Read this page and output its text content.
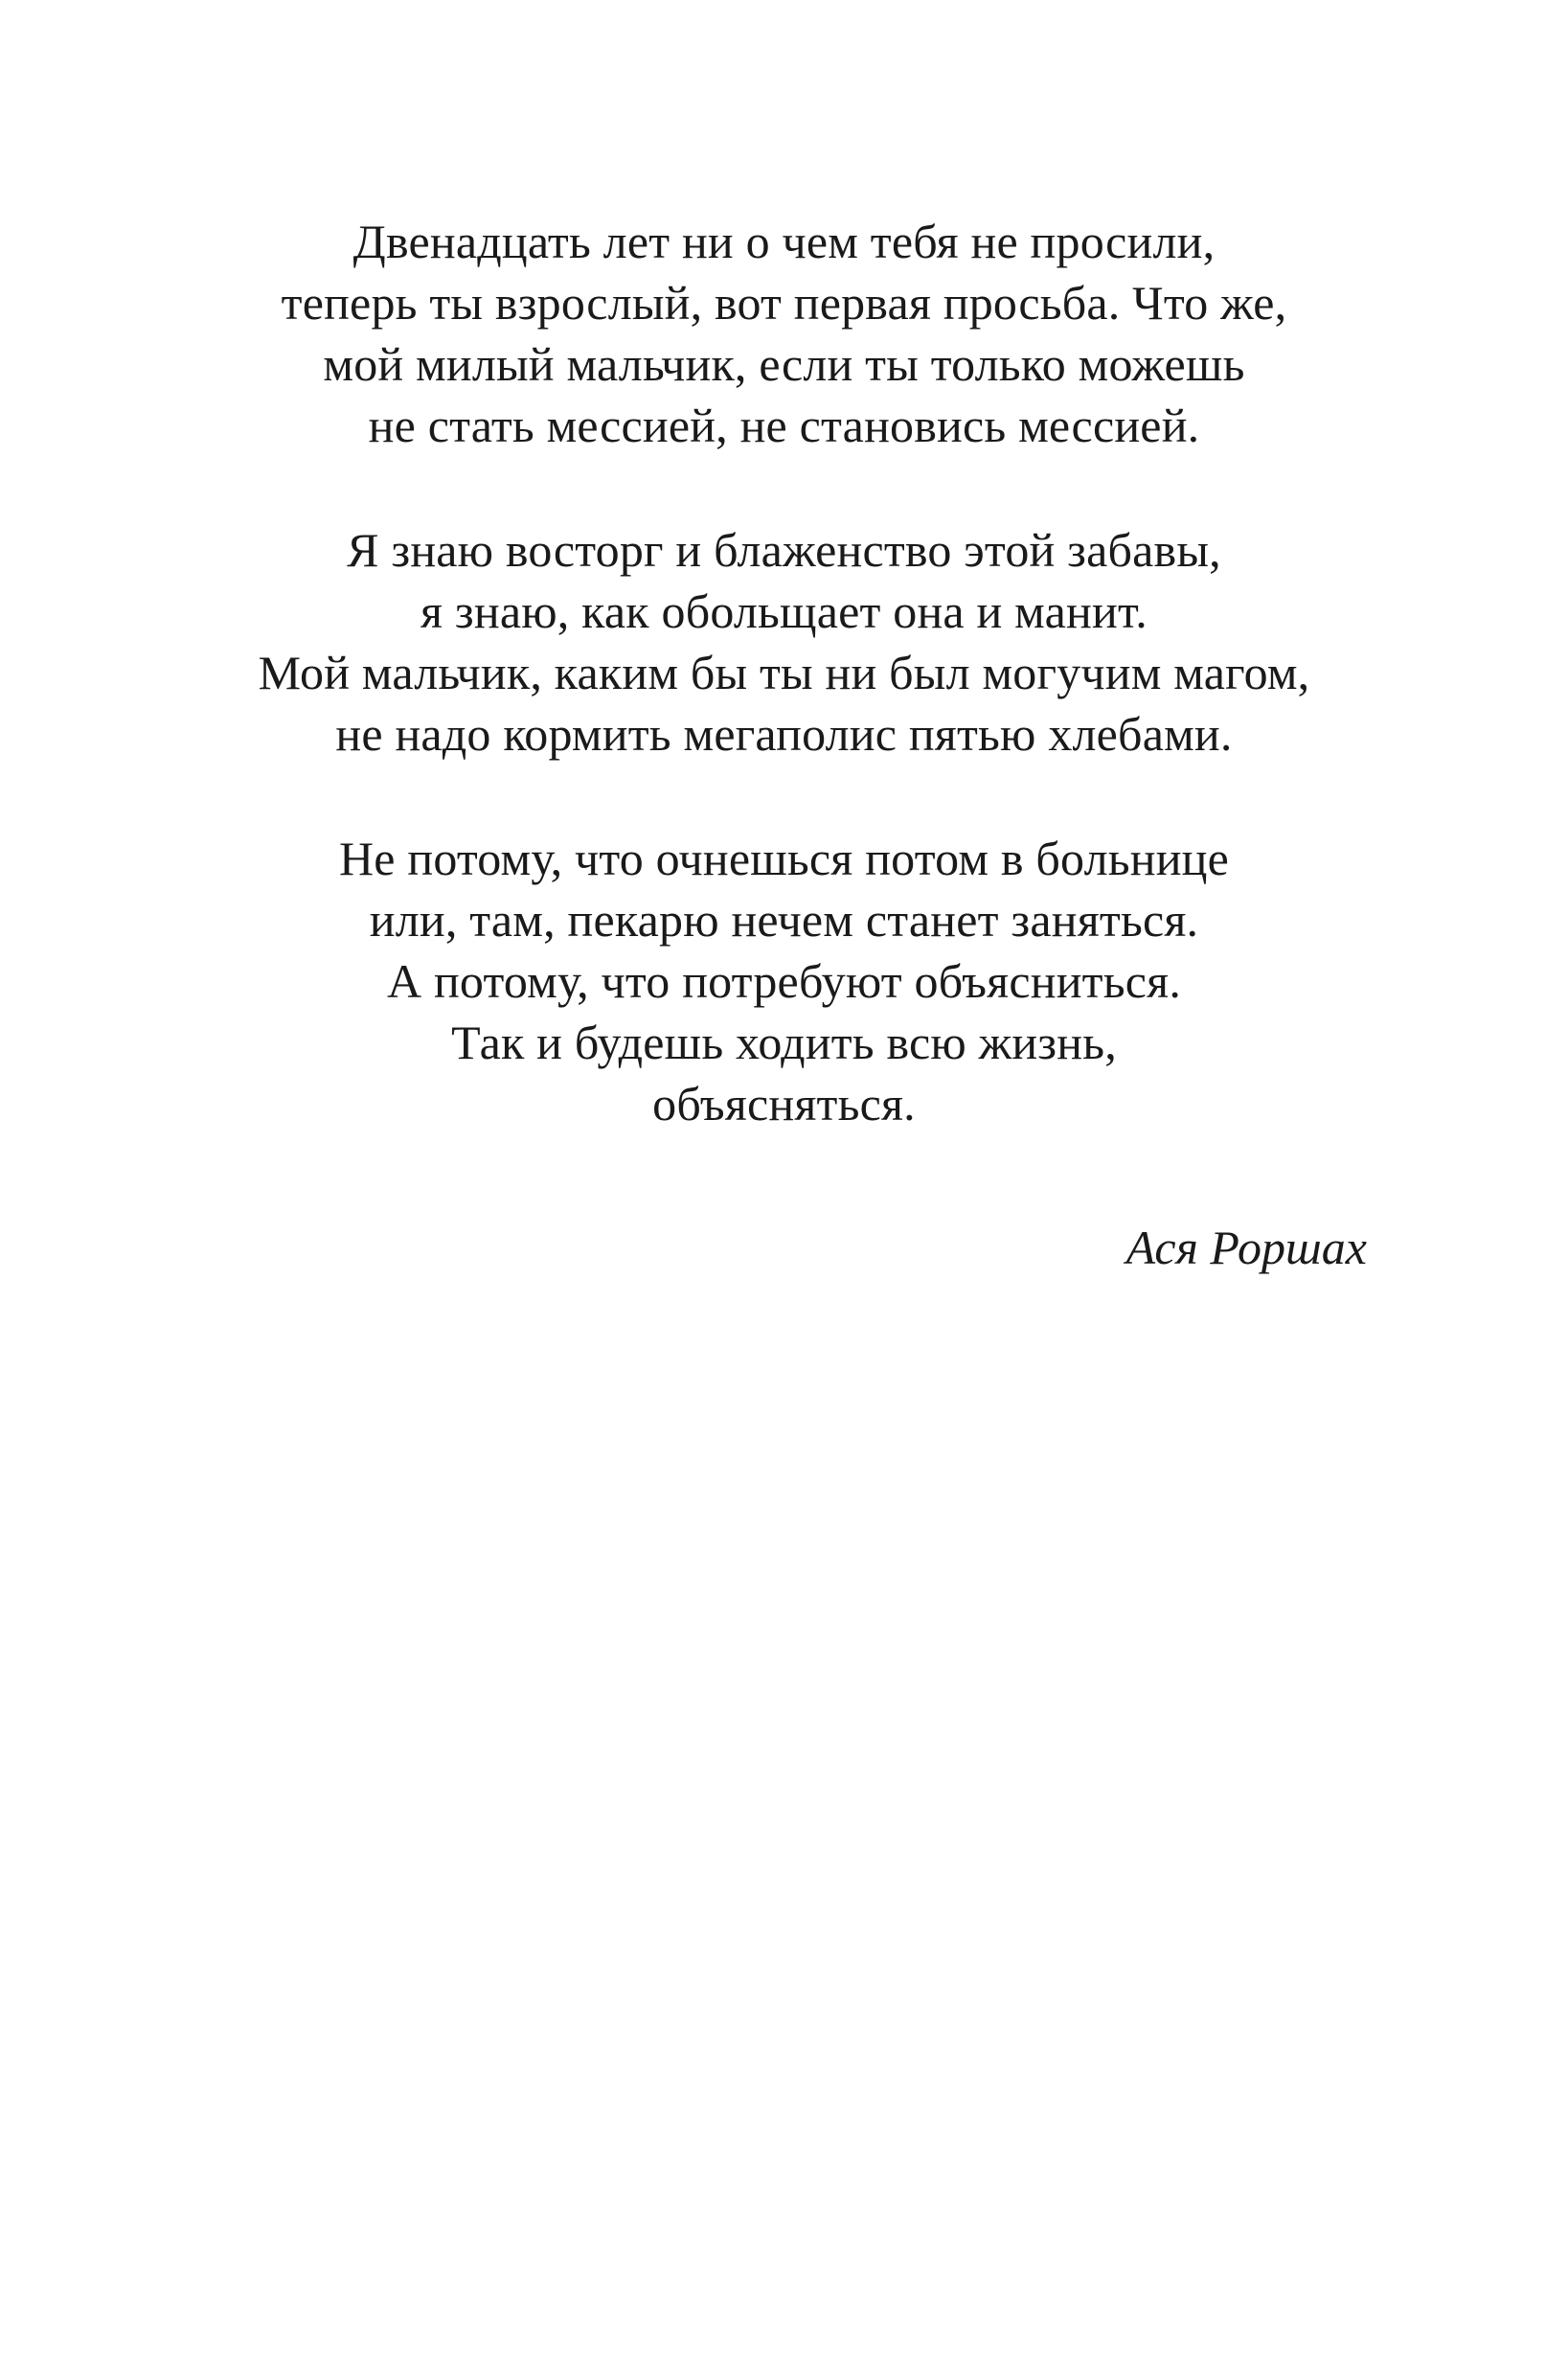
Двенадцать лет ни о чем тебя не просили,
теперь ты взрослый, вот первая просьба. Что же,
мой милый мальчик, если ты только можешь
не стать мессией, не становись мессией.
Я знаю восторг и блаженство этой забавы,
я знаю, как обольщает она и манит.
Мой мальчик, каким бы ты ни был могучим магом,
не надо кормить мегаполис пятью хлебами.
Не потому, что очнешься потом в больнице
или, там, пекарю нечем станет заняться.
А потому, что потребуют объясниться.
Так и будешь ходить всю жизнь,
объясняться.
Ася Роршах
